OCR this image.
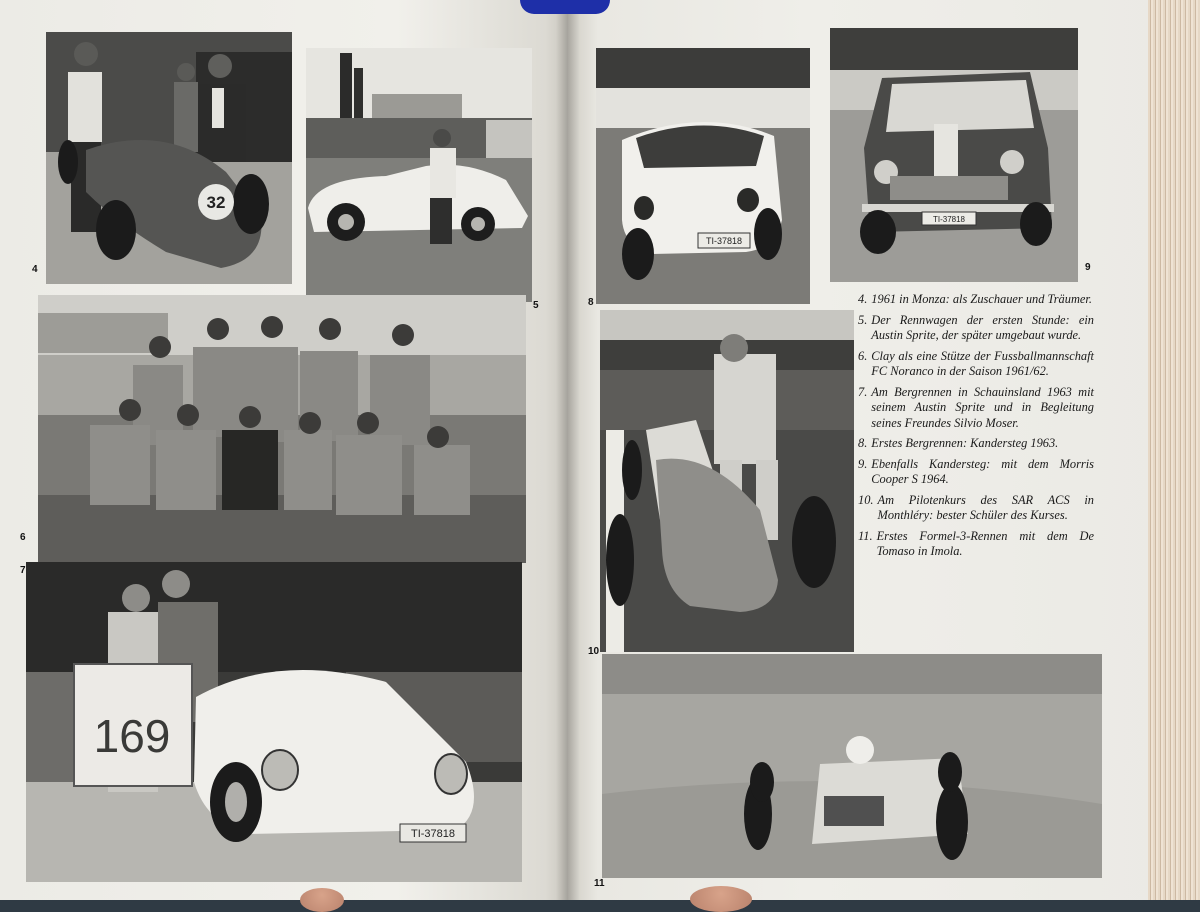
32
169
TI-37818
TI-37818
TI-37818
4
5
6
7
8
9
10
11
4. 1961 in Monza: als Zuschauer und Träumer.
5. Der Rennwagen der ersten Stunde: ein Austin Sprite, der später umgebaut wurde.
6. Clay als eine Stütze der Fussballmannschaft FC Noranco in der Saison 1961/62.
7. Am Bergrennen in Schauinsland 1963 mit seinem Austin Sprite und in Begleitung seines Freundes Silvio Moser.
8. Erstes Bergrennen: Kandersteg 1963.
9. Ebenfalls Kandersteg: mit dem Morris Cooper S 1964.
10. Am Pilotenkurs des SAR ACS in Monthléry: bester Schüler des Kurses.
11. Erstes Formel-3-Rennen mit dem De Tomaso in Imola.
